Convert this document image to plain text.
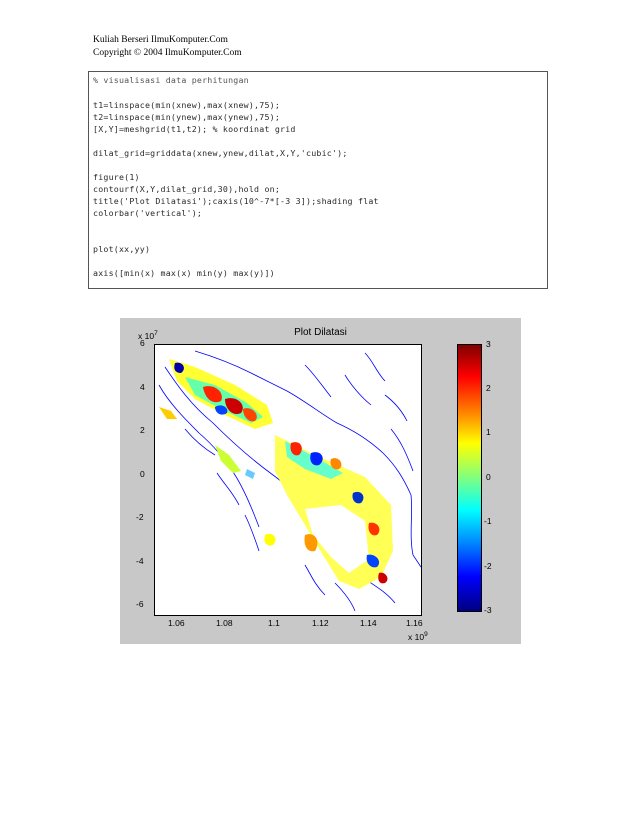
Kuliah Berseri IlmuKomputer.Com
Copyright © 2004 IlmuKomputer.Com
% visualisasi data perhitungan
t1=linspace(min(xnew),max(xnew),75);
t2=linspace(min(ynew),max(ynew),75);
[X,Y]=meshgrid(t1,t2); % koordinat grid
dilat_grid=griddata(xnew,ynew,dilat,X,Y,'cubic');
figure(1)
contourf(X,Y,dilat_grid,30),hold on;
title('Plot Dilatasi');caxis(10^-7*[-3 3]);shading flat
colorbar('vertical');
plot(xx,yy)
axis([min(x) max(x) min(y) max(y)])
Plot Dilatasi
x $10^7$
x $10^9$
6
4
2
0
-2
-4
-6
1.06	1.08	1.1	1.12	1.14	1.16
3
2
1
0
-1
-2
-3
